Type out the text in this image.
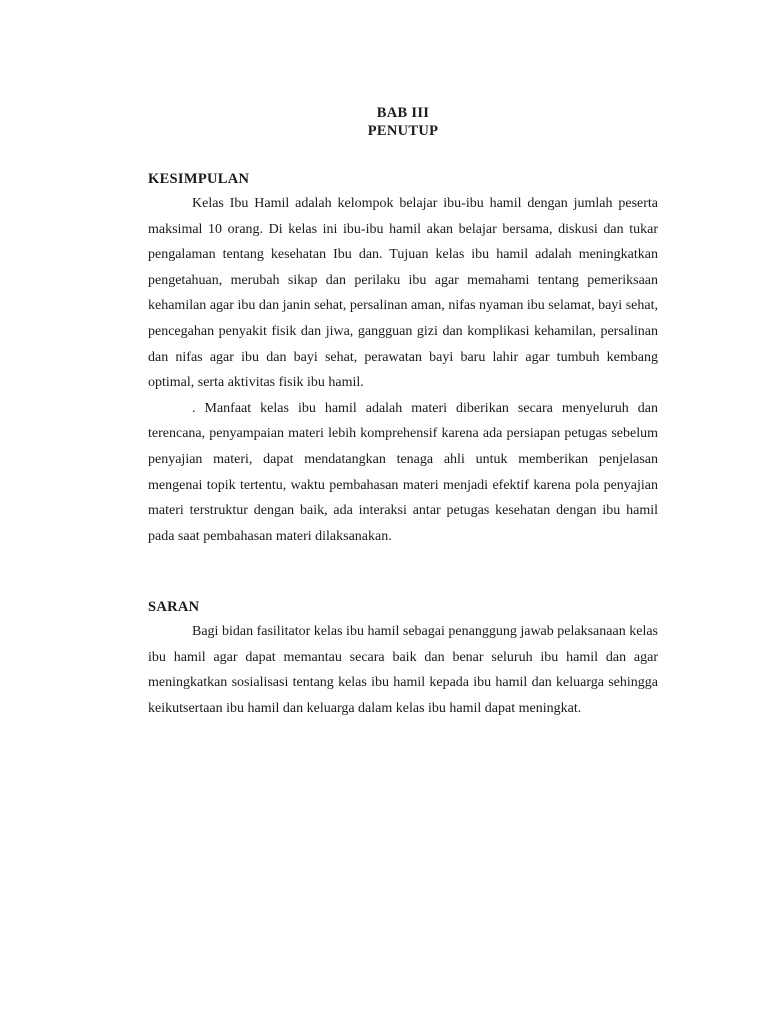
BAB III
PENUTUP
KESIMPULAN

Kelas Ibu Hamil adalah kelompok belajar ibu-ibu hamil dengan jumlah peserta maksimal 10 orang. Di kelas ini ibu-ibu hamil akan belajar bersama, diskusi dan tukar pengalaman tentang kesehatan Ibu dan. Tujuan kelas ibu hamil adalah meningkatkan pengetahuan, merubah sikap dan perilaku ibu agar memahami tentang pemeriksaan kehamilan agar ibu dan janin sehat, persalinan aman, nifas nyaman ibu selamat, bayi sehat, pencegahan penyakit fisik dan jiwa, gangguan gizi dan komplikasi kehamilan, persalinan dan nifas agar ibu dan bayi sehat, perawatan bayi baru lahir agar tumbuh kembang optimal, serta aktivitas fisik ibu hamil.

. Manfaat kelas ibu hamil adalah materi diberikan secara menyeluruh dan terencana, penyampaian materi lebih komprehensif karena ada persiapan petugas sebelum penyajian materi, dapat mendatangkan tenaga ahli untuk memberikan penjelasan mengenai topik tertentu, waktu pembahasan materi menjadi efektif karena pola penyajian materi terstruktur dengan baik, ada interaksi antar petugas kesehatan dengan ibu hamil pada saat pembahasan materi dilaksanakan.

SARAN

Bagi bidan fasilitator kelas ibu hamil sebagai penanggung jawab pelaksanaan kelas ibu hamil agar dapat memantau secara baik dan benar seluruh ibu hamil dan agar meningkatkan sosialisasi tentang kelas ibu hamil kepada ibu hamil dan keluarga sehingga keikutsertaan ibu hamil dan keluarga dalam kelas ibu hamil dapat meningkat.
